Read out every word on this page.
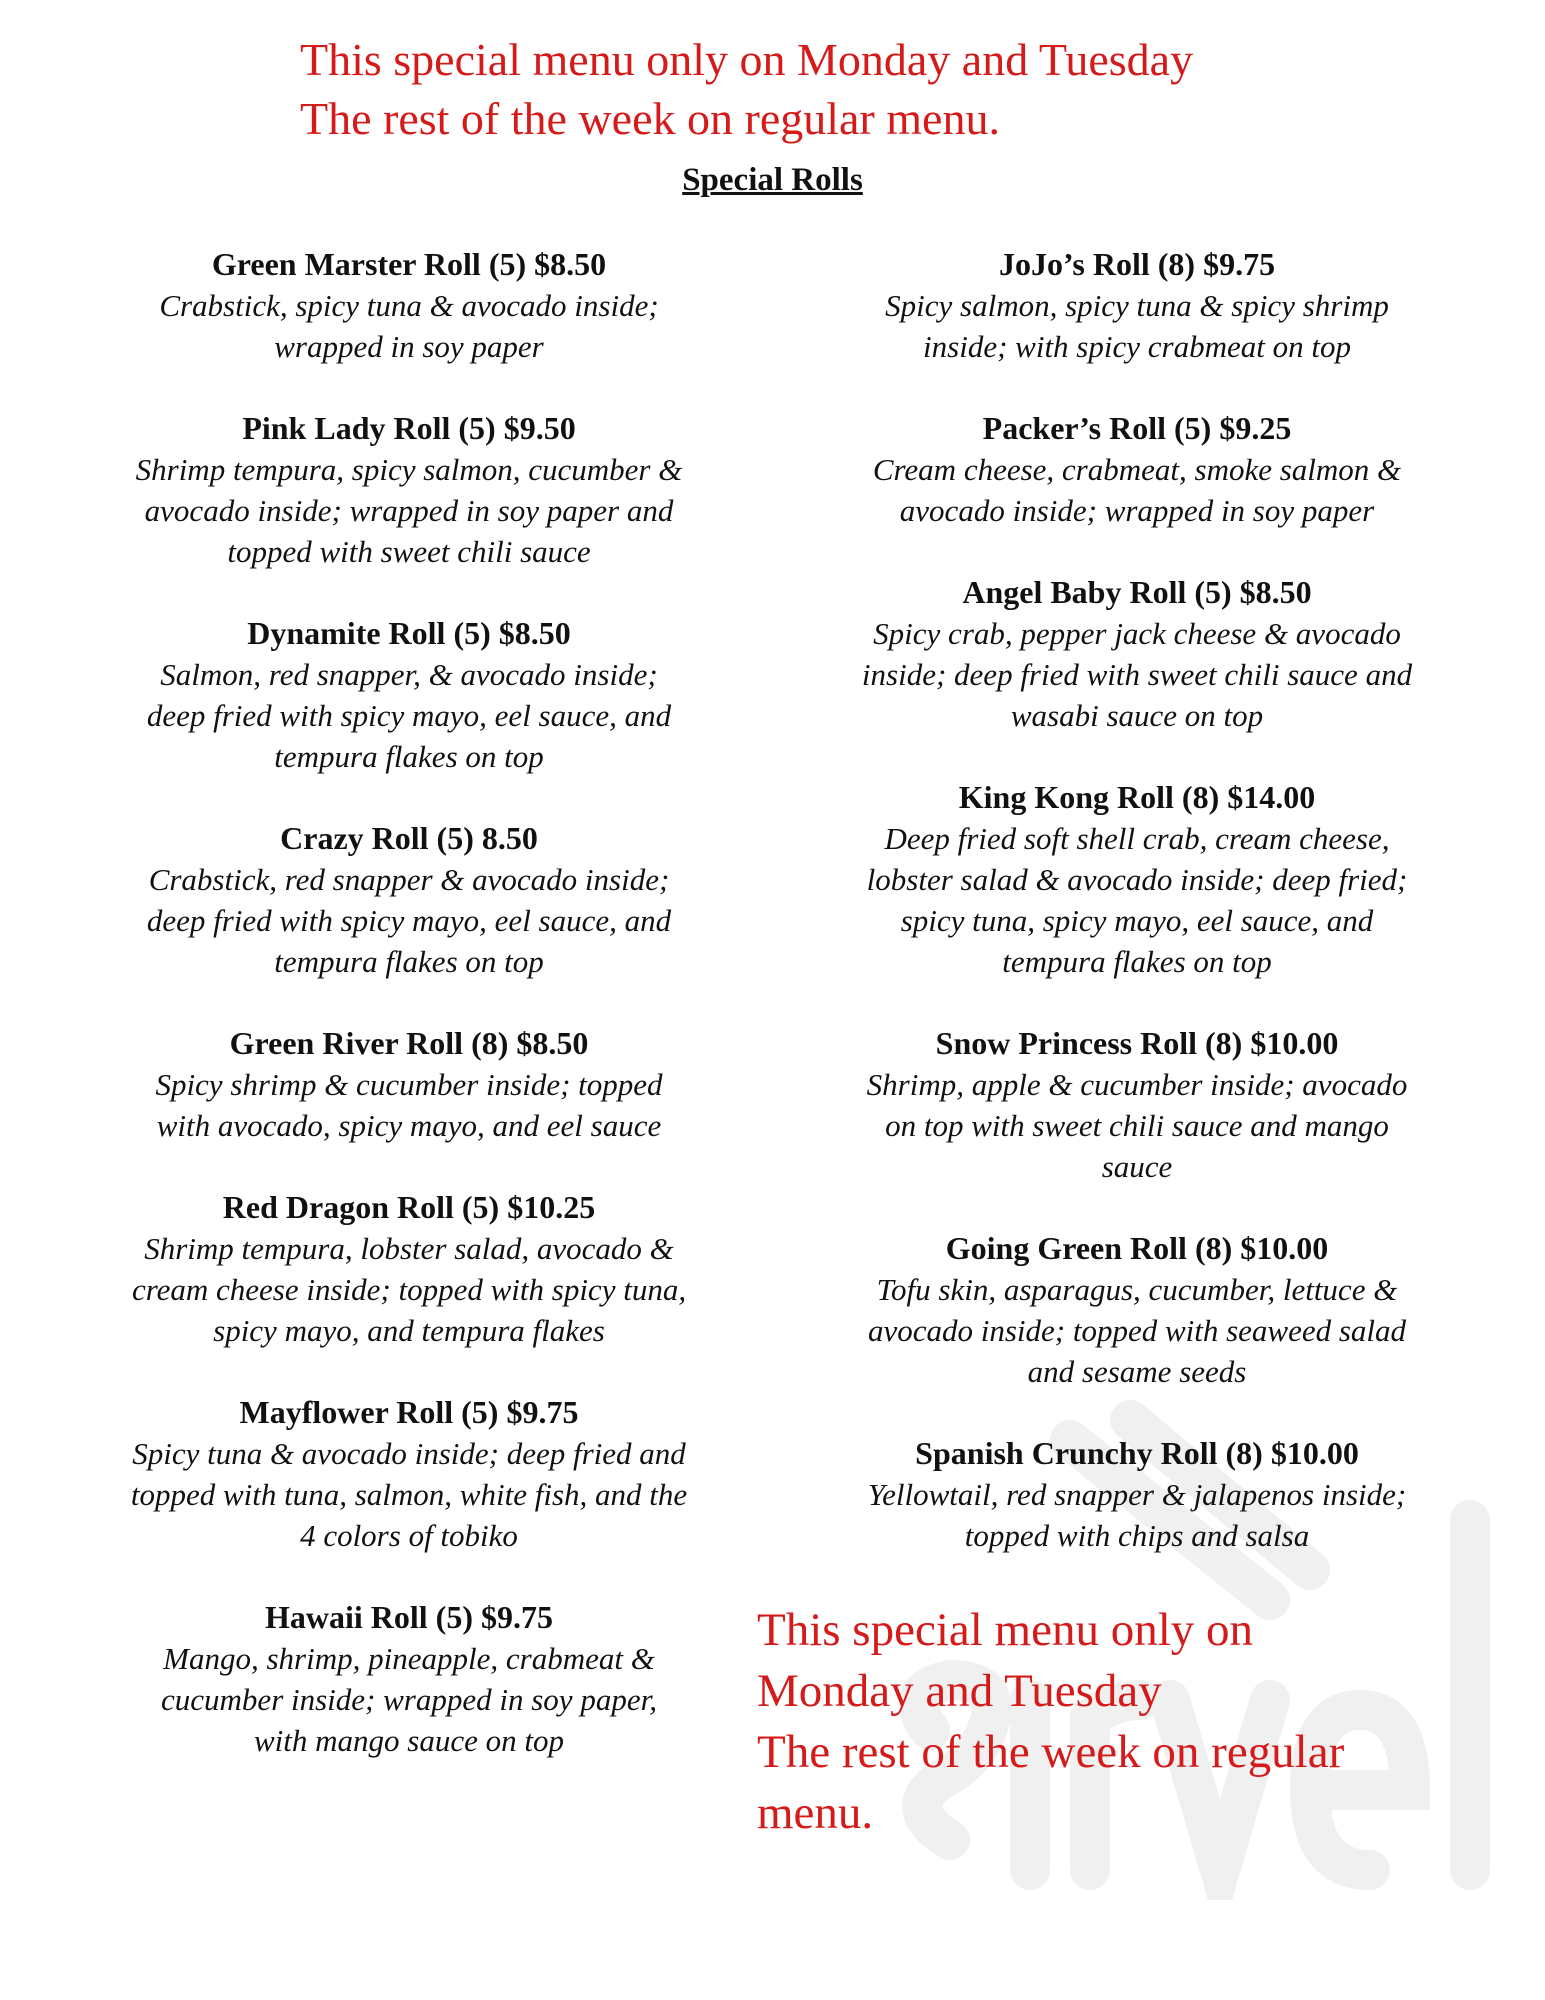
This special menu only on Monday and Tuesday
The rest of the week on regular menu.
Special Rolls
Green Marster Roll (5) $8.50
Crabstick, spicy tuna & avocado inside;
wrapped in soy paper
Pink Lady Roll (5) $9.50
Shrimp tempura, spicy salmon, cucumber &
avocado inside; wrapped in soy paper and
topped with sweet chili sauce
Dynamite Roll (5) $8.50
Salmon, red snapper, & avocado inside;
deep fried with spicy mayo, eel sauce, and
tempura flakes on top
Crazy Roll (5) 8.50
Crabstick, red snapper & avocado inside;
deep fried with spicy mayo, eel sauce, and
tempura flakes on top
Green River Roll (8) $8.50
Spicy shrimp & cucumber inside; topped
with avocado, spicy mayo, and eel sauce
Red Dragon Roll (5) $10.25
Shrimp tempura, lobster salad, avocado &
cream cheese inside; topped with spicy tuna,
spicy mayo, and tempura flakes
Mayflower Roll (5) $9.75
Spicy tuna & avocado inside; deep fried and
topped with tuna, salmon, white fish, and the
4 colors of tobiko
Hawaii Roll (5) $9.75
Mango, shrimp, pineapple, crabmeat &
cucumber inside; wrapped in soy paper,
with mango sauce on top
JoJo’s Roll (8) $9.75
Spicy salmon, spicy tuna & spicy shrimp
inside; with spicy crabmeat on top
Packer’s Roll (5) $9.25
Cream cheese, crabmeat, smoke salmon &
avocado inside; wrapped in soy paper
Angel Baby Roll (5) $8.50
Spicy crab, pepper jack cheese & avocado
inside; deep fried with sweet chili sauce and
wasabi sauce on top
King Kong Roll (8) $14.00
Deep fried soft shell crab, cream cheese,
lobster salad & avocado inside; deep fried;
spicy tuna, spicy mayo, eel sauce, and
tempura flakes on top
Snow Princess Roll (8) $10.00
Shrimp, apple & cucumber inside; avocado
on top with sweet chili sauce and mango
sauce
Going Green Roll (8) $10.00
Tofu skin, asparagus, cucumber, lettuce &
avocado inside; topped with seaweed salad
and sesame seeds
Spanish Crunchy Roll (8) $10.00
Yellowtail, red snapper & jalapenos inside;
topped with chips and salsa
This special menu only on
Monday and Tuesday
The rest of the week on regular
menu.
